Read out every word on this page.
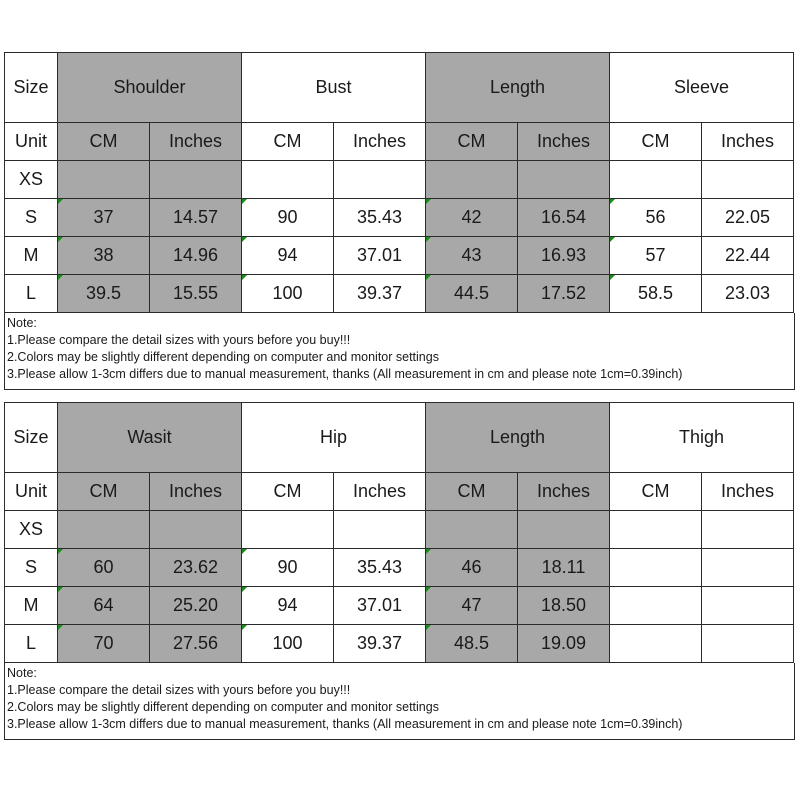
Size	Shoulder		Bust		Length		Sleeve	
Unit	CM	Inches	CM	Inches	CM	Inches	CM	Inches
XS								
S	37	14.57	90	35.43	42	16.54	56	22.05
M	38	14.96	94	37.01	43	16.93	57	22.44
L	39.5	15.55	100	39.37	44.5	17.52	58.5	23.03
Note:
1.Please compare the detail sizes with yours before you buy!!!
2.Colors may be slightly different depending on computer and monitor settings
3.Please allow 1-3cm differs due to manual measurement, thanks (All measurement in cm and please note 1cm=0.39inch)
Size	Wasit		Hip		Length		Thigh	
Unit	CM	Inches	CM	Inches	CM	Inches	CM	Inches
XS								
S	60	23.62	90	35.43	46	18.11		
M	64	25.20	94	37.01	47	18.50		
L	70	27.56	100	39.37	48.5	19.09		
Note:
1.Please compare the detail sizes with yours before you buy!!!
2.Colors may be slightly different depending on computer and monitor settings
3.Please allow 1-3cm differs due to manual measurement, thanks (All measurement in cm and please note 1cm=0.39inch)
